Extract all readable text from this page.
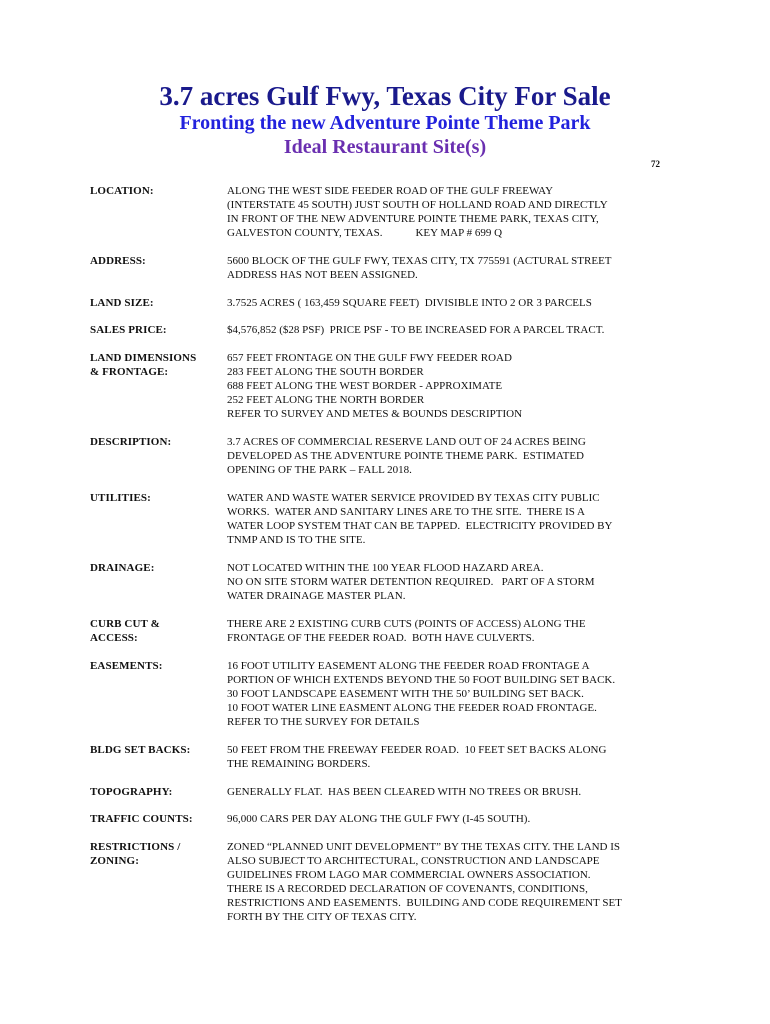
3.7 acres Gulf Fwy, Texas City For Sale
Fronting the new Adventure Pointe Theme Park
Ideal Restaurant Site(s)
72
LOCATION:	ALONG THE WEST SIDE FEEDER ROAD OF THE GULF FREEWAY
(INTERSTATE 45 SOUTH) JUST SOUTH OF HOLLAND ROAD AND DIRECTLY
IN FRONT OF THE NEW ADVENTURE POINTE THEME PARK, TEXAS CITY,
GALVESTON COUNTY, TEXAS.            KEY MAP # 699 Q
ADDRESS:	5600 BLOCK OF THE GULF FWY, TEXAS CITY, TX 775591 (ACTURAL STREET
ADDRESS HAS NOT BEEN ASSIGNED.
LAND SIZE:	3.7525 ACRES ( 163,459 SQUARE FEET)  DIVISIBLE INTO 2 OR 3 PARCELS
SALES PRICE:	$4,576,852 ($28 PSF)  PRICE PSF - TO BE INCREASED FOR A PARCEL TRACT.
LAND DIMENSIONS
& FRONTAGE:
657 FEET FRONTAGE ON THE GULF FWY FEEDER ROAD
283 FEET ALONG THE SOUTH BORDER
688 FEET ALONG THE WEST BORDER - APPROXIMATE
252 FEET ALONG THE NORTH BORDER
REFER TO SURVEY AND METES & BOUNDS DESCRIPTION
DESCRIPTION:	3.7 ACRES OF COMMERCIAL RESERVE LAND OUT OF 24 ACRES BEING
DEVELOPED AS THE ADVENTURE POINTE THEME PARK.  ESTIMATED
OPENING OF THE PARK – FALL 2018.
UTILITIES:	WATER AND WASTE WATER SERVICE PROVIDED BY TEXAS CITY PUBLIC
WORKS.  WATER AND SANITARY LINES ARE TO THE SITE.  THERE IS A
WATER LOOP SYSTEM THAT CAN BE TAPPED.  ELECTRICITY PROVIDED BY
TNMP AND IS TO THE SITE.
DRAINAGE:	NOT LOCATED WITHIN THE 100 YEAR FLOOD HAZARD AREA.
NO ON SITE STORM WATER DETENTION REQUIRED.   PART OF A STORM
WATER DRAINAGE MASTER PLAN.
CURB CUT &
ACCESS:
THERE ARE 2 EXISTING CURB CUTS (POINTS OF ACCESS) ALONG THE
FRONTAGE OF THE FEEDER ROAD.  BOTH HAVE CULVERTS.
EASEMENTS:	16 FOOT UTILITY EASEMENT ALONG THE FEEDER ROAD FRONTAGE A
PORTION OF WHICH EXTENDS BEYOND THE 50 FOOT BUILDING SET BACK.
30 FOOT LANDSCAPE EASEMENT WITH THE 50’ BUILDING SET BACK.
10 FOOT WATER LINE EASMENT ALONG THE FEEDER ROAD FRONTAGE.
REFER TO THE SURVEY FOR DETAILS
BLDG SET BACKS:	50 FEET FROM THE FREEWAY FEEDER ROAD.  10 FEET SET BACKS ALONG
THE REMAINING BORDERS.
TOPOGRAPHY:	GENERALLY FLAT.  HAS BEEN CLEARED WITH NO TREES OR BRUSH.
TRAFFIC COUNTS:	96,000 CARS PER DAY ALONG THE GULF FWY (I-45 SOUTH).
RESTRICTIONS /
ZONING:
ZONED “PLANNED UNIT DEVELOPMENT” BY THE TEXAS CITY. THE LAND IS
ALSO SUBJECT TO ARCHITECTURAL, CONSTRUCTION AND LANDSCAPE
GUIDELINES FROM LAGO MAR COMMERCIAL OWNERS ASSOCIATION.
THERE IS A RECORDED DECLARATION OF COVENANTS, CONDITIONS,
RESTRICTIONS AND EASEMENTS.  BUILDING AND CODE REQUIREMENT SET
FORTH BY THE CITY OF TEXAS CITY.
